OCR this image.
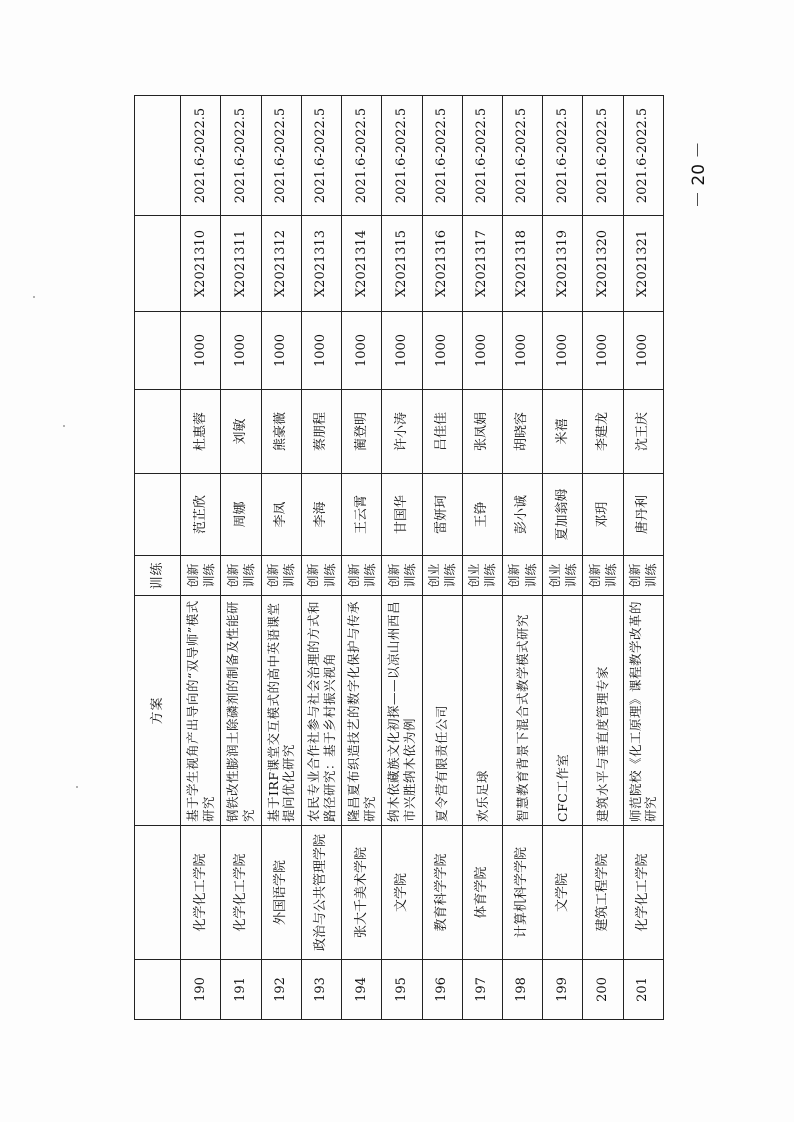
		方案	训练					
190	化学化工学院	基于学生视角产出导向的“双导师”模式研究	创新训练	范芷欣	杜惠蓉	1000	X2021310	2021.6-2022.5
191	化学化工学院	钢铁改性膨润土除磷剂的制备及性能研究	创新训练	周娜	刘敏	1000	X2021311	2021.6-2022.5
192	外国语学院	基于IRF课堂交互模式的高中英语课堂提问优化研究	创新训练	李凤	熊豪薇	1000	X2021312	2021.6-2022.5
193	政治与公共管理学院	农民专业合作社参与社会治理的方式和路径研究：基于乡村振兴视角	创新训练	李海	蔡朋程	1000	X2021313	2021.6-2022.5
194	张大千美术学院	隆昌夏布织造技艺的数字化保护与传承研究	创新训练	王云霄	蔺登明	1000	X2021314	2021.6-2022.5
195	文学院	纳木依藏族文化初探——以凉山州西昌市兴胜纳木依为例	创新训练	甘国华	许小涛	1000	X2021315	2021.6-2022.5
196	教育科学学院	夏令营有限责任公司	创业训练	雷妍珂	吕佳佳	1000	X2021316	2021.6-2022.5
197	体育学院	欢乐足球	创业训练	王铮	张凤娟	1000	X2021317	2021.6-2022.5
198	计算机科学学院	智慧教育背景下混合式教学模式研究	创新训练	彭小诚	胡晓容	1000	X2021318	2021.6-2022.5
199	文学院	CFC工作室	创业训练	夏加翁姆	米禧	1000	X2021319	2021.6-2022.5
200	建筑工程学院	建筑水平与垂直度管理专家	创新训练	邓玥	李建龙	1000	X2021320	2021.6-2022.5
201	化学化工学院	师范院校《化工原理》课程教学改革的研究	创新训练	唐丹利	沈王庆	1000	X2021321	2021.6-2022.5 － 20 －
